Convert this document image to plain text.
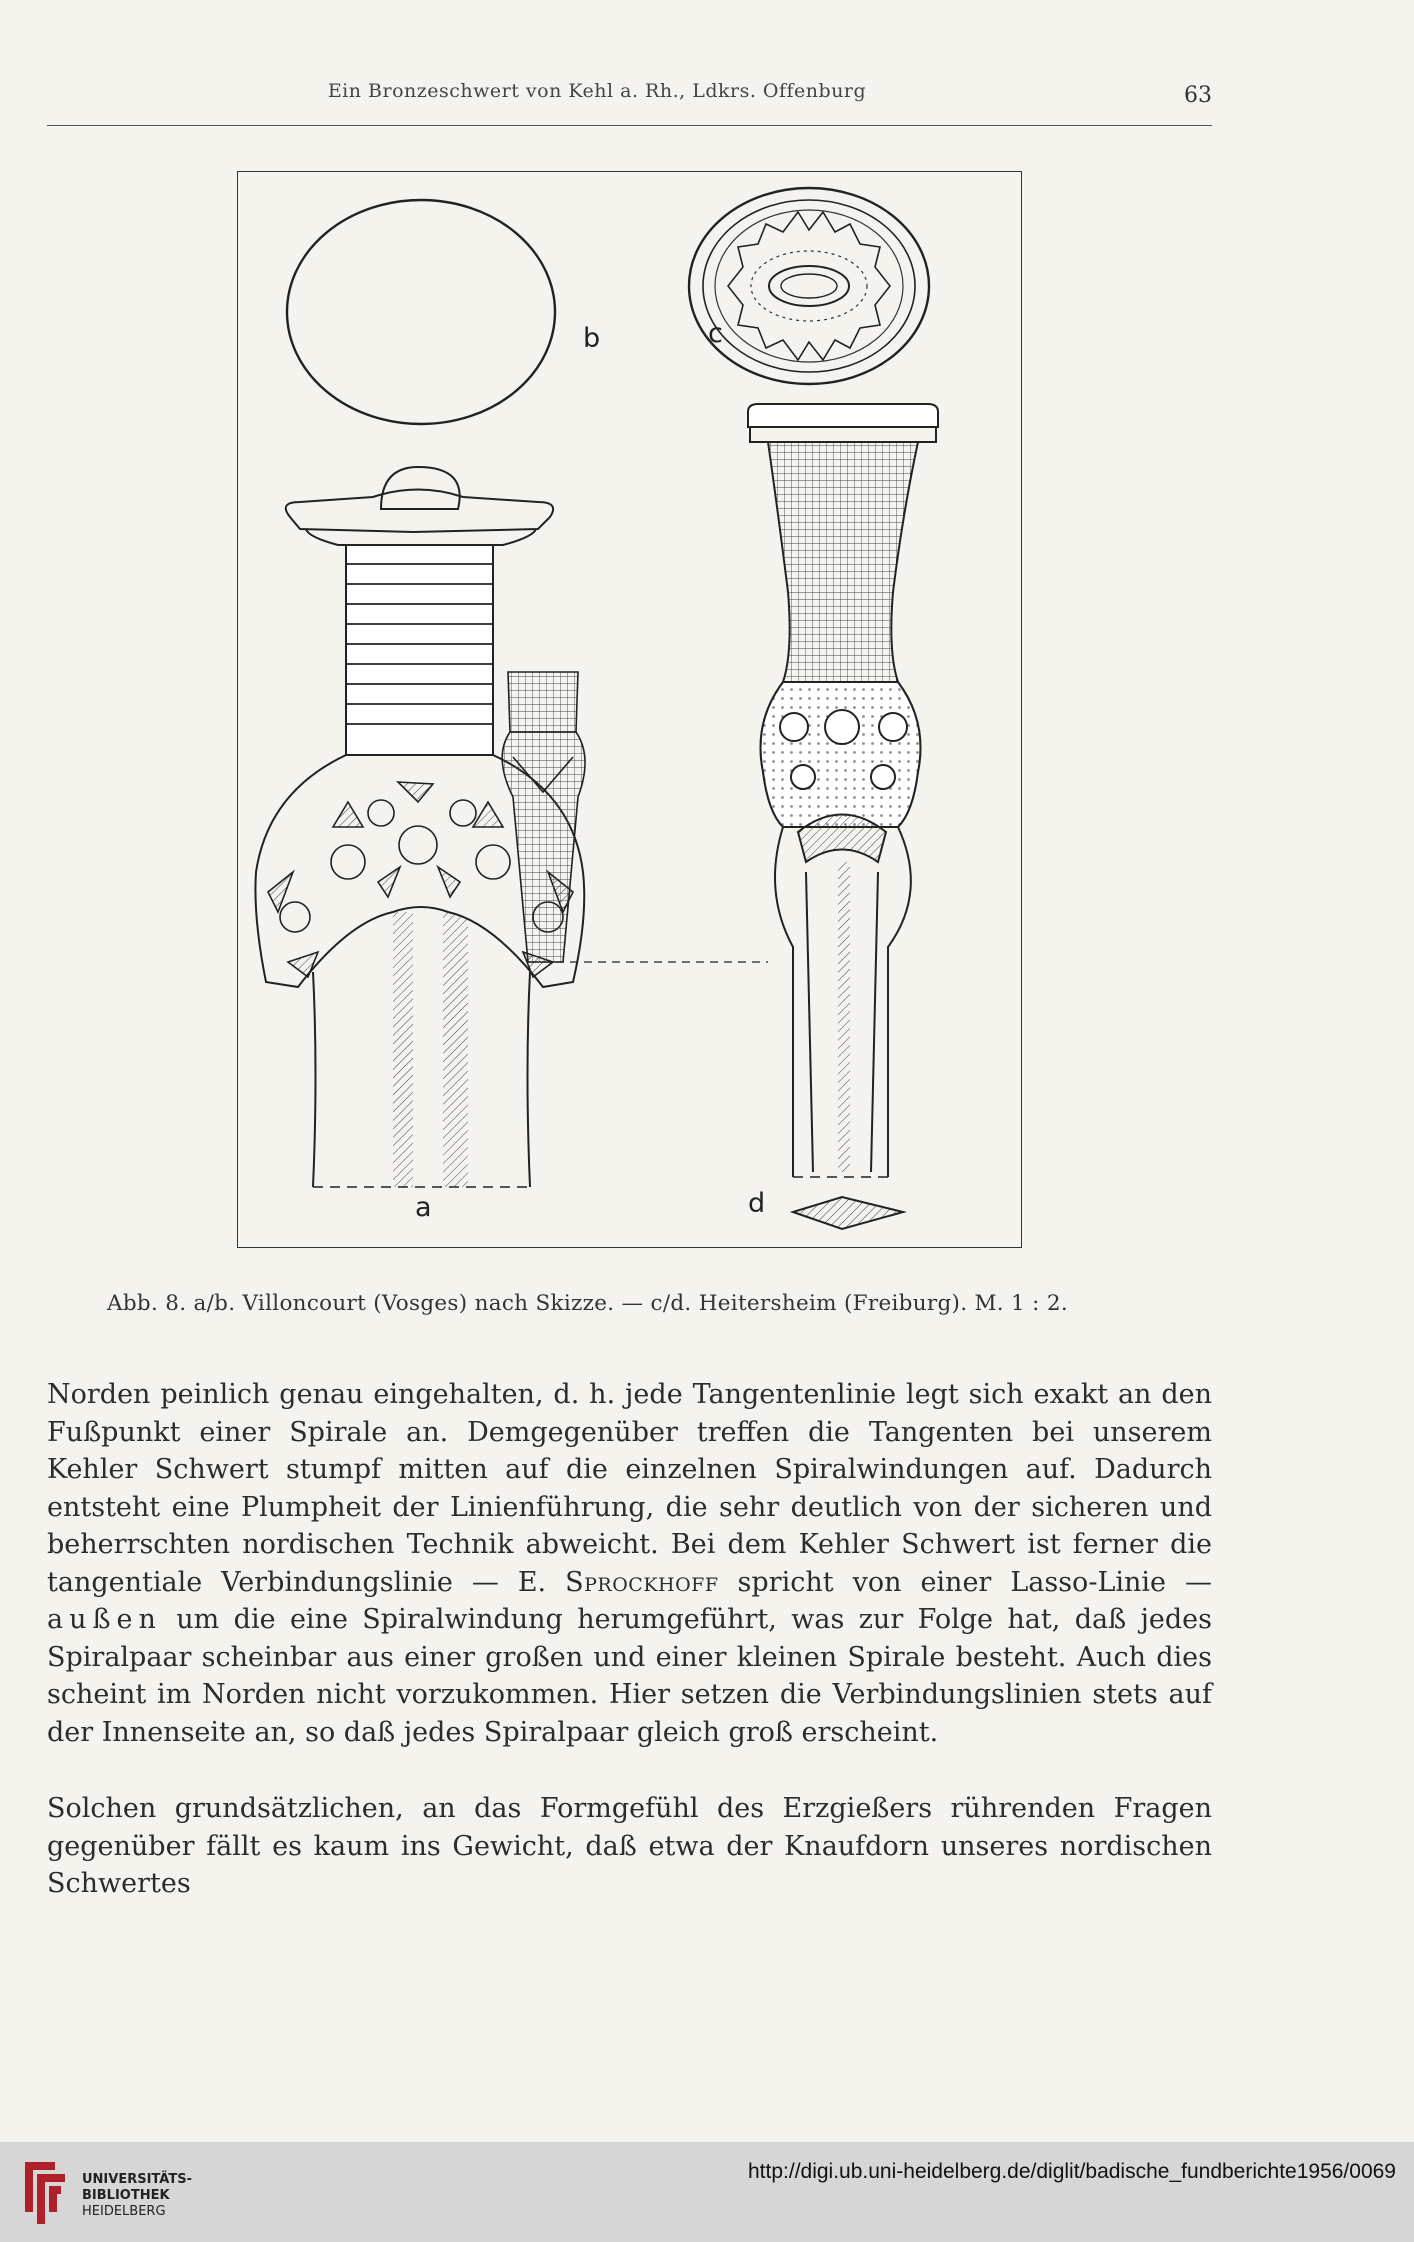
Ein Bronzeschwert von Kehl a. Rh., Ldkrs. Offenburg	63
b	c
a	d
Abb. 8. a/b. Villoncourt (Vosges) nach Skizze. — c/d. Heitersheim (Freiburg). M. 1 : 2.

Norden peinlich genau eingehalten, d. h. jede Tangentenlinie legt sich exakt an den Fußpunkt einer Spirale an. Demgegenüber treffen die Tangenten bei unserem Kehler Schwert stumpf mitten auf die einzelnen Spiralwindungen auf. Dadurch entsteht eine Plumpheit der Linienführung, die sehr deutlich von der sicheren und beherrschten nordischen Technik abweicht. Bei dem Kehler Schwert ist ferner die tangentiale Verbindungslinie — E. Sprockhoff spricht von einer Lasso-Linie — außen um die eine Spiralwindung herumgeführt, was zur Folge hat, daß jedes Spiralpaar scheinbar aus einer großen und einer kleinen Spirale besteht. Auch dies scheint im Norden nicht vorzukommen. Hier setzen die Verbindungslinien stets auf der Innenseite an, so daß jedes Spiralpaar gleich groß erscheint.

Solchen grundsätzlichen, an das Formgefühl des Erzgießers rührenden Fragen gegenüber fällt es kaum ins Gewicht, daß etwa der Knaufdorn unseres nordischen Schwertes

UNIVERSITÄTS-
BIBLIOTHEK
HEIDELBERG
http://digi.ub.uni-heidelberg.de/diglit/badische_fundberichte1956/0069
